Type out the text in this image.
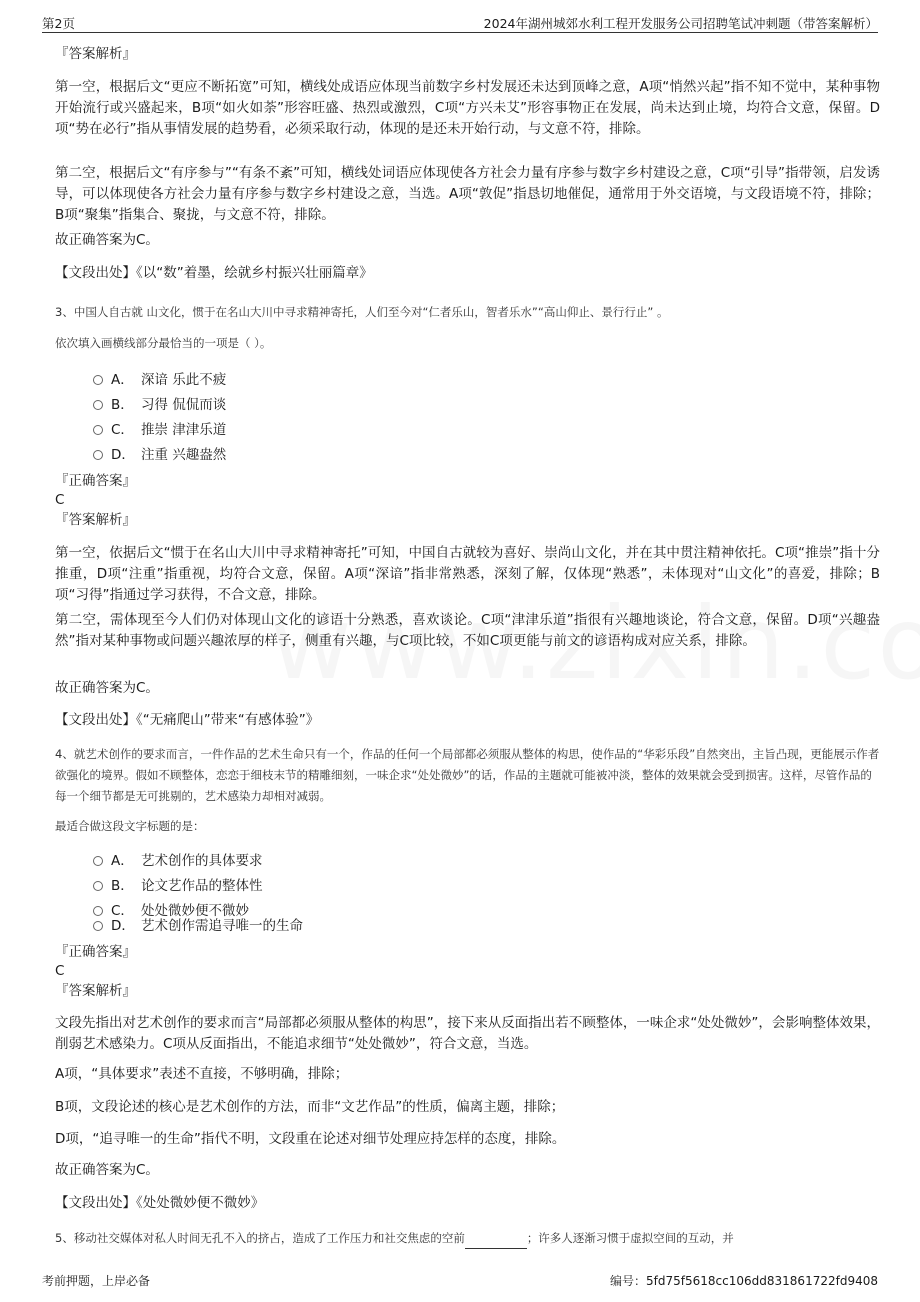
第2页	2024年湖州城郊水利工程开发服务公司招聘笔试冲刺题（带答案解析）
『答案解析』
第一空，根据后文“更应不断拓宽”可知，横线处成语应体现当前数字乡村发展还未达到顶峰之意，A项“悄然兴起”指不知不觉中，某种事物开始流行或兴盛起来，B项“如火如荼”形容旺盛、热烈或激烈，C项“方兴未艾”形容事物正在发展，尚未达到止境，均符合文意，保留。D项“势在必行”指从事情发展的趋势看，必须采取行动，体现的是还未开始行动，与文意不符，排除。
第二空，根据后文“有序参与”“有条不紊”可知，横线处词语应体现使各方社会力量有序参与数字乡村建设之意，C项“引导”指带领，启发诱导，可以体现使各方社会力量有序参与数字乡村建设之意，当选。A项“敦促”指恳切地催促，通常用于外交语境，与文段语境不符，排除；B项“聚集”指集合、聚拢，与文意不符，排除。
故正确答案为C。
【文段出处】《以“数”着墨，绘就乡村振兴壮丽篇章》
3、中国人自古就 山文化，惯于在名山大川中寻求精神寄托，人们至今对“仁者乐山，智者乐水”“高山仰止、景行行止” 。
依次填入画横线部分最恰当的一项是（ ）。
A． 深谙 乐此不疲
B． 习得 侃侃而谈
C． 推崇 津津乐道
D． 注重 兴趣盎然
『正确答案』
C
『答案解析』
第一空，依据后文“惯于在名山大川中寻求精神寄托”可知，中国自古就较为喜好、崇尚山文化，并在其中贯注精神依托。C项“推崇”指十分推重，D项“注重”指重视，均符合文意，保留。A项“深谙”指非常熟悉，深刻了解，仅体现“熟悉”，未体现对“山文化”的喜爱，排除；B项“习得”指通过学习获得，不合文意，排除。
第二空，需体现至今人们仍对体现山文化的谚语十分熟悉，喜欢谈论。C项“津津乐道”指很有兴趣地谈论，符合文意，保留。D项“兴趣盎然”指对某种事物或问题兴趣浓厚的样子，侧重有兴趣，与C项比较，不如C项更能与前文的谚语构成对应关系，排除。
故正确答案为C。
【文段出处】《“无痛爬山”带来“有感体验”》
4、就艺术创作的要求而言，一件作品的艺术生命只有一个，作品的任何一个局部都必须服从整体的构思，使作品的“华彩乐段”自然突出，主旨凸现，更能展示作者欲强化的境界。假如不顾整体，恋恋于细枝末节的精雕细刻，一味企求“处处微妙”的话，作品的主题就可能被冲淡，整体的效果就会受到损害。这样，尽管作品的每一个细节都是无可挑剔的，艺术感染力却相对减弱。
最适合做这段文字标题的是：
A． 艺术创作的具体要求
B． 论文艺作品的整体性
C． 处处微妙便不微妙
D． 艺术创作需追寻唯一的生命
『正确答案』
C
『答案解析』
文段先指出对艺术创作的要求而言“局部都必须服从整体的构思”，接下来从反面指出若不顾整体，一味企求“处处微妙”，会影响整体效果，削弱艺术感染力。C项从反面指出，不能追求细节“处处微妙”，符合文意，当选。
A项，“具体要求”表述不直接，不够明确，排除；
B项，文段论述的核心是艺术创作的方法，而非“文艺作品”的性质，偏离主题，排除；
D项，“追寻唯一的生命”指代不明，文段重在论述对细节处理应持怎样的态度，排除。
故正确答案为C。
【文段出处】《处处微妙便不微妙》
5、移动社交媒体对私人时间无孔不入的挤占，造成了工作压力和社交焦虑的空前	；许多人逐渐习惯于虚拟空间的互动，并
考前押题，上岸必备	编号：5fd75f5618cc106dd831861722fd9408
